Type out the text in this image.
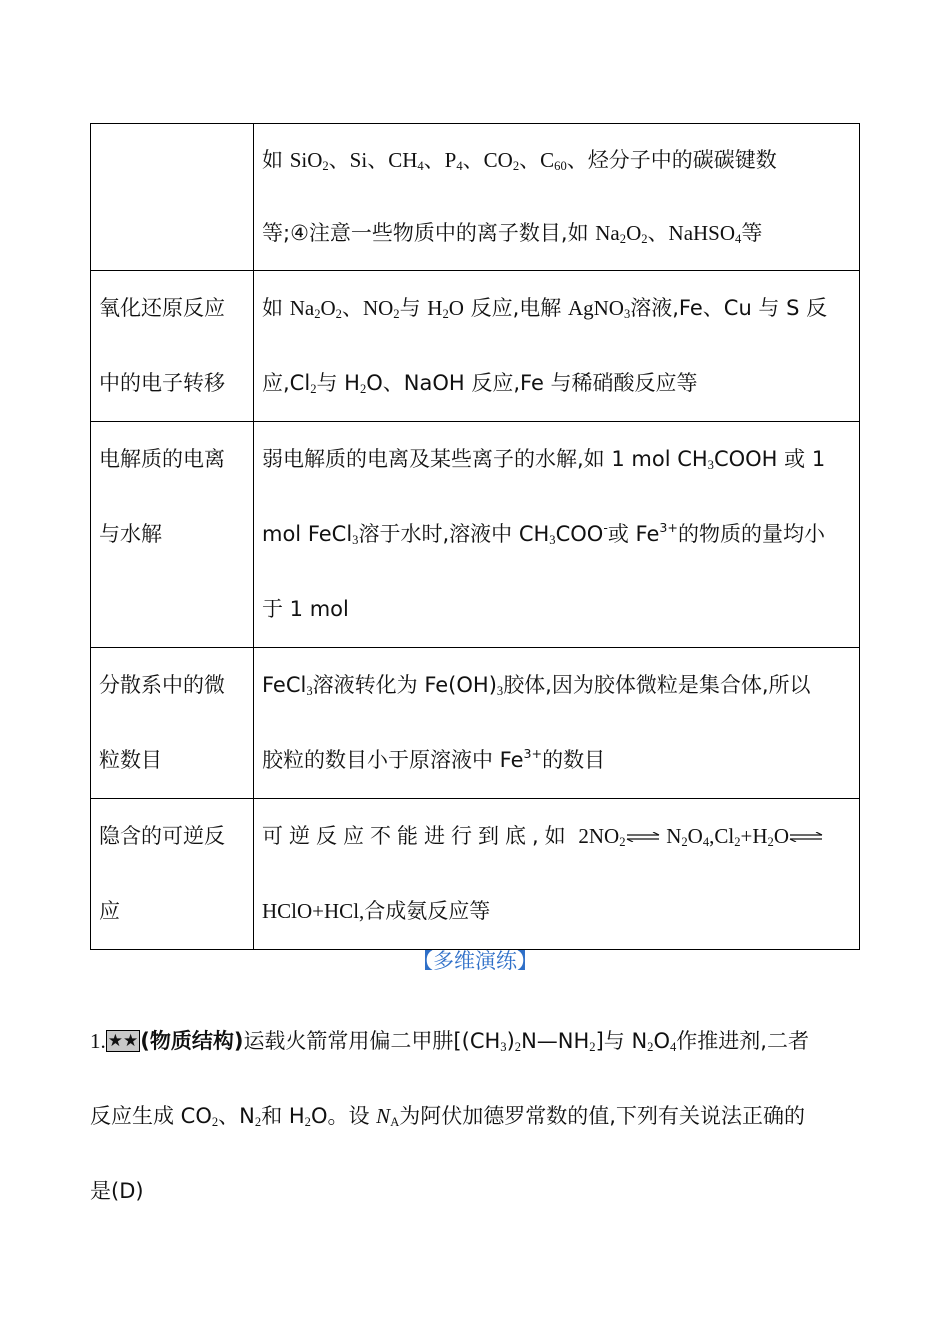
	如 SiO$_2$、Si、$CH_4$、$P_4$、$CO_2$、$C_{60}$、烃分子中的碳碳键数
等;④注意一些物质中的离子数目,如 $Na_2O_2$、NaHSO$_4$等

氧化还原反应中的电子转移	如 $Na_2O_2$、$NO_2$与 $H_2O$ 反应,电解 AgNO$_3$溶液,Fe、Cu 与 S 反
应$,Cl_2$与 $H_2O$、NaOH 反应,Fe 与稀硝酸反应等
电解质的电离与水解	弱电解质的电离及某些离子的水解,如 1 mol $CH_3COOH$ 或 1
mol FeCl$_3$溶于水时,溶液中 $CH_3COO^-$或 $Fe^{3+}$的物质的量均小
于 1 mol
分散系中的微粒数目	FeCl$_3$溶液转化为 $Fe(OH)_3$胶体,因为胶体微粒是集合体,所以
胶粒的数目小于原溶液中 $Fe^{3+}$的数目
隐含的可逆反应	可逆反应不能进行到底,如 $2NO_2\rightleftharpoons$ $N_2O_4,Cl_2+H_2O\rightleftharpoons$
HClO+HCl,合成氨反应等
【多维演练】
1. ★★(物质结构)运载火箭常用偏二甲肼$[(CH_3)_2N—NH_2]$与 $N_2O_4$作推进剂,二者
反应生成 $CO_2$、$N_2$和 $H_2O$。设 $N_A$为阿伏加德罗常数的值,下列有关说法正确的
是(D)
